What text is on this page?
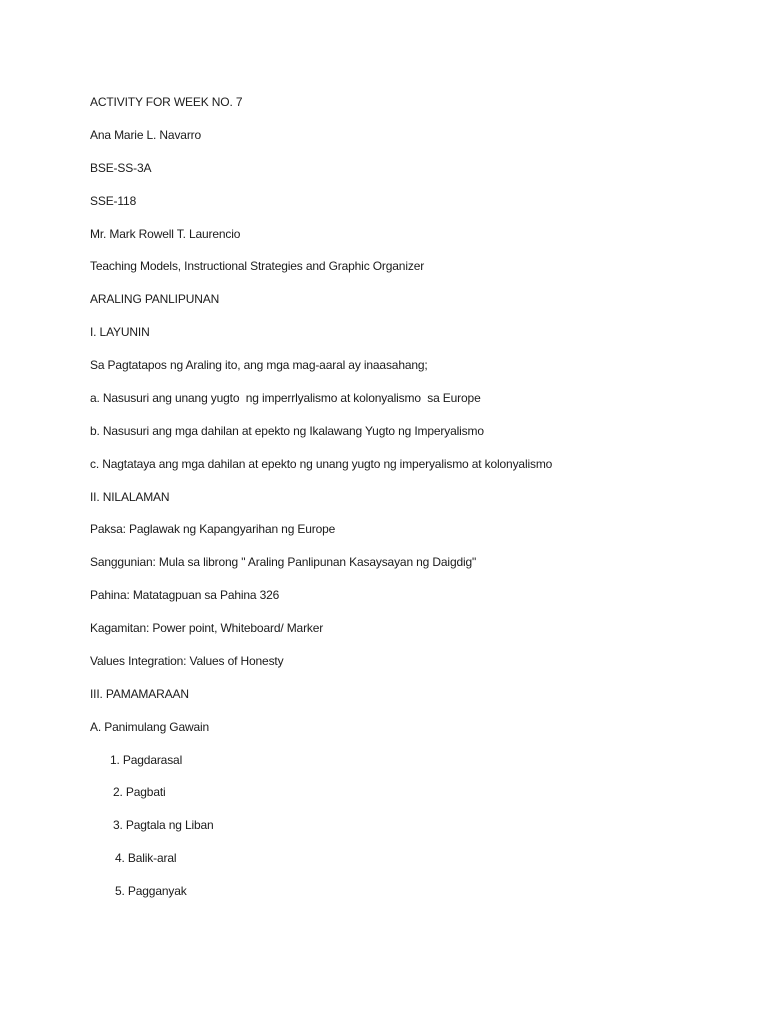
ACTIVITY FOR WEEK NO. 7
Ana Marie L. Navarro
BSE-SS-3A
SSE-118
Mr. Mark Rowell T. Laurencio
Teaching Models, Instructional Strategies and Graphic Organizer
ARALING PANLIPUNAN
I. LAYUNIN
Sa Pagtatapos ng Araling ito, ang mga mag-aaral ay inaasahang;
a. Nasusuri ang unang yugto  ng imperrlyalismo at kolonyalismo  sa Europe
b. Nasusuri ang mga dahilan at epekto ng Ikalawang Yugto ng Imperyalismo
c. Nagtataya ang mga dahilan at epekto ng unang yugto ng imperyalismo at kolonyalismo
II. NILALAMAN
Paksa: Paglawak ng Kapangyarihan ng Europe
Sanggunian: Mula sa librong " Araling Panlipunan Kasaysayan ng Daigdig"
Pahina: Matatagpuan sa Pahina 326
Kagamitan: Power point, Whiteboard/ Marker
Values Integration: Values of Honesty
III. PAMAMARAAN
A. Panimulang Gawain
1. Pagdarasal
2. Pagbati
3. Pagtala ng Liban
4. Balik-aral
5. Pagganyak
